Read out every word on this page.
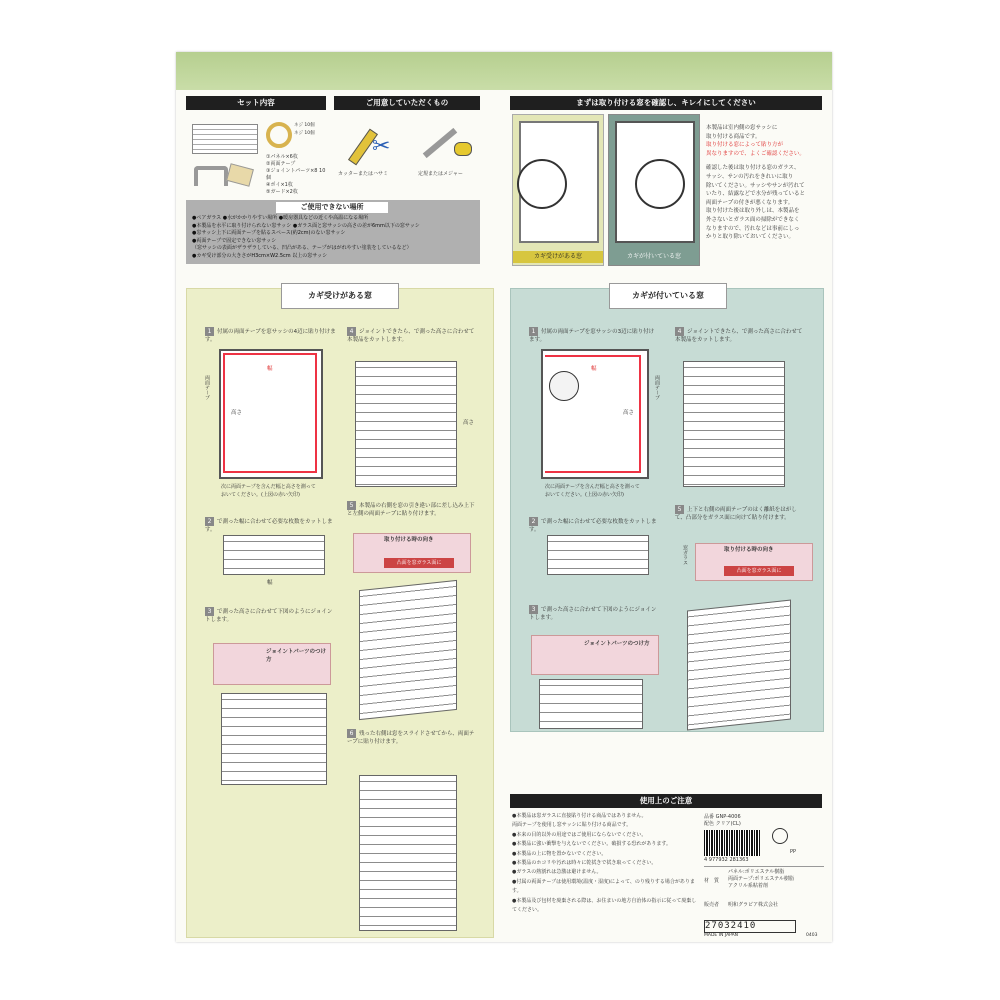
セット内容	ご用意していただくもの	まずは取り付ける窓を確認し、キレイにしてください
ネジ 10個
ネジ 10個
①パネル×6枚
②両面テープ
③ジョイントパーツ×8 10個
④ポイ×1枚
⑤ガード×2枚
✂
カッターまたはハサミ	定規またはメジャー
ご使用できない場所
●ペアガラス ●水がかかりやすい場所 ●暖房器具などの近くや高温になる場所
●本製品を水平に取り付けられない窓サッシ ●ガラス面と窓サッシの高さの差が6mm以下の窓サッシ
●窓サッシ上下に両面テープを貼るスペース(約2cm)のない窓サッシ
●両面テープで固定できない窓サッシ
（窓サッシの表面がザラザラしている、凹凸がある、テープがはがれやすい塗装をしているなど）
●カギ受け部分の大きさがH3cm×W2.5cm 以上の窓サッシ	カギ受けがある窓	カギが付いている窓
本製品は室内側の窓サッシに
取り付ける商品です。
取り付ける窓によって貼り方が
異なりますので、よくご確認ください。
確認した後は取り付ける窓のガラス、
サッシ、サンの汚れをきれいに取り
除いてください。サッシやサンが汚れて
いたり、結露などで水分が残っていると
両面テープの付きが悪くなります。
取り付けた後は取り外しは、本製品を
外さないとガラス面の掃除ができなく
なりますので、汚れなどは事前にしっ
かりと取り除いておいてください。
カギ受けがある窓
1 付属の両面テープを窓サッシの4辺に貼り付けます。
幅
高さ
両面テープ
次に両面テープを含んだ幅と高さを測って
おいてください。(上図の赤い矢印)
2 で測った幅に合わせて必要な枚数をカットします。
幅
3 で測った高さに合わせて下図のようにジョイントします。
ジョイントパーツのつけ方
4 ジョイントできたら、で測った高さに合わせて本製品をカットします。
高さ
5 本製品の右側を窓の引き違い部に差し込み上下と左側の両面テープに貼り付けます。
取り付ける時の向き
凸面を窓ガラス面に
6 残った右側は窓をスライドさせてから、両面テープに貼り付けます。
カギが付いている窓
1 付属の両面テープを窓サッシの3辺に貼り付けます。
幅
高さ
両面テープ
次に両面テープを含んだ幅と高さを測って
おいてください。(上図の赤い矢印)
2 で測った幅に合わせて必要な枚数をカットします。
3 で測った高さに合わせて下図のようにジョイントします。
ジョイントパーツのつけ方
4 ジョイントできたら、で測った高さに合わせて本製品をカットします。
5 上下と右側の両面テープのはく離紙をはがして、凸部分をガラス面に向けて貼り付けます。
窓ガラス	取り付ける時の向き
凸面を窓ガラス面に
使用上のご注意
●本製品は窓ガラスに直接貼り付ける商品ではありません。
両面テープを使用し窓サッシに貼り付ける商品です。
●本来の目的以外の用途ではご使用にならないでください。
●本製品に強い衝撃を与えないでください。破損する恐れがあります。
●本製品の上に物を置かないでください。
●本製品のホコリや汚れは時々に乾拭きで拭き取ってください。
●ガラスの熱割れは急激は避けません。
●付属の両面テープは使用環境(温度・湿度)によって、のり残りする場合があります。
●本製品及び包材を廃棄される際は、お住まいの地方自治体の指示に従って廃棄してください。
品番 GNP-4006
配色 クリア(CL)
4 977932 281363
PP
材　質
パネル:ポリエステル樹脂
両面テープ:ポリエステル樹脂
アクリル系粘着剤
販売者 明和グラビア株式会社
27032410
MADE IN JAPAN	0403
